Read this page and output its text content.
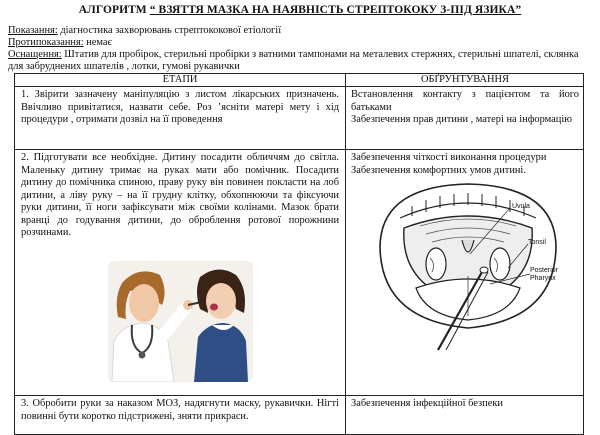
АЛГОРИТМ “ ВЗЯТТЯ МАЗКА НА НАЯВНІСТЬ СТРЕПТОКОКУ З-ПІД ЯЗИКА”
Показання: діагностика захворювань стрептококової етіології
Протипоказання: немає
Оснащення: Штатив для пробірок, стерильні пробірки з ватними тампонами на металевих стержнях, стерильні шпателі, склянка для забруднених шпателів , лотки, гумові рукавички
ЕТАПИ	ОБҐРУНТУВАННЯ
1. Звірити зазначену маніпуляцію з листом лікарських призначень. Ввічливо привітатися, назвати себе. Роз ’ясніти матері мету і хід процедури , отримати дозвіл на її проведення
Встановлення контакту з пацієнтом та його батьками
Забезпечення прав дитини , матері на інформацію
2. Підготувати все необхідне. Дитину посадити обличчям до світла. Маленьку дитину тримає на руках мати або помічник. Посадити дитину до помічника спиною, праву руку він повинен покласти на лоб дитини, а ліву руку – на її грудну клітку, обхопнюючи та фіксуючи руки дитини, її ноги зафіксувати між своїми колінами. Мазок брати вранці до годування дитини, до оброблення ротової порожнини розчинами.
Забезпечення чіткості виконання процедури
Забезпечення комфортних умов дитині.
3. Обробити руки за наказом МОЗ, надягнути маску, рукавички. Нігті повинні бути коротко підстрижені, зняти прикраси.
Забезпечення інфекційної безпеки
Uvula
Tonsil
Posterior
Pharynx
